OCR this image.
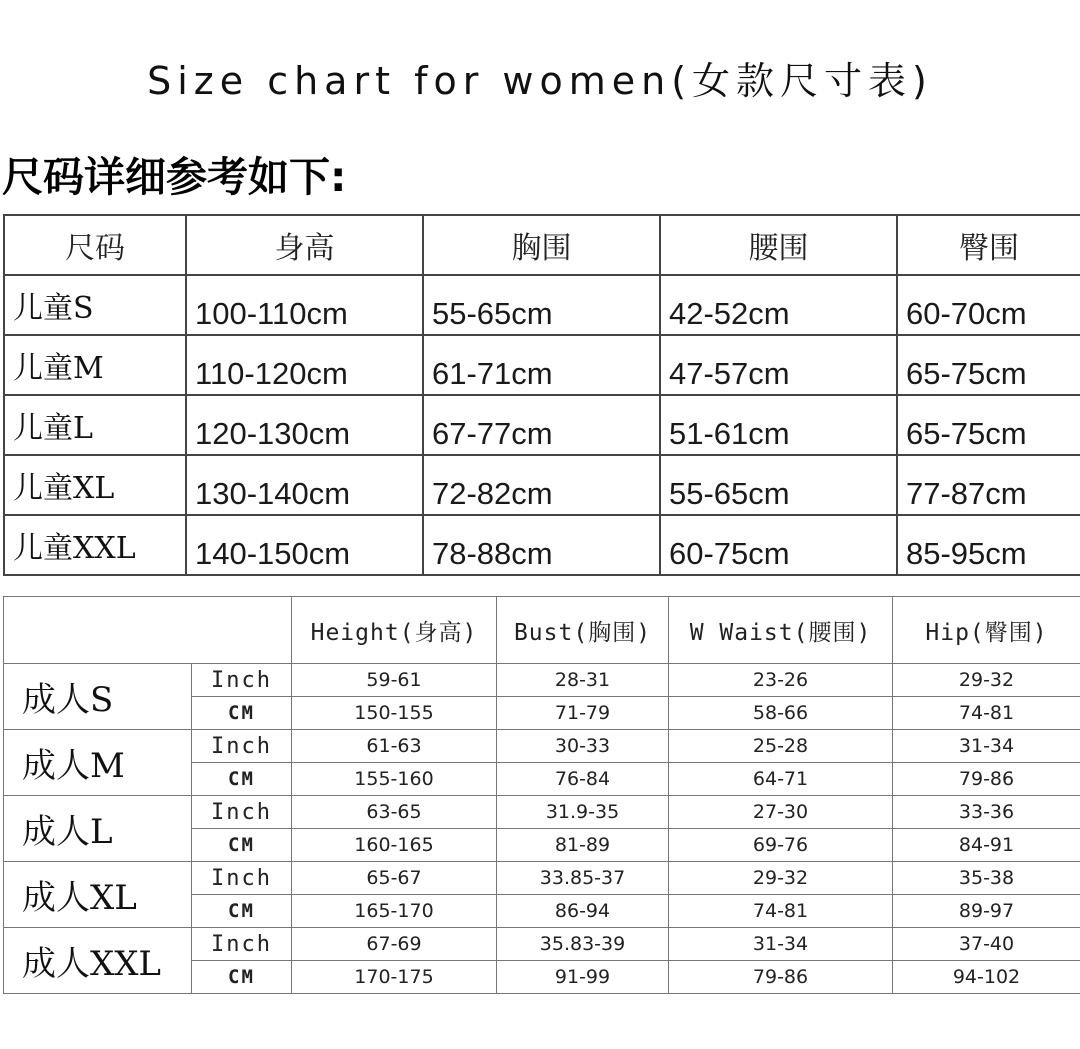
Size chart for women(女款尺寸表)
尺码详细参考如下:
尺码	身高	胸围	腰围	臀围
儿童S	100-110cm	55-65cm	42-52cm	60-70cm
儿童M	110-120cm	61-71cm	47-57cm	65-75cm
儿童L	120-130cm	67-77cm	51-61cm	65-75cm
儿童XL	130-140cm	72-82cm	55-65cm	77-87cm
儿童XXL	140-150cm	78-88cm	60-75cm	85-95cm
		Height(身高)	Bust(胸围)	W Waist(腰围)	Hip(臀围)
成人S	Inch	59-61	28-31	23-26	29-32
	CM	150-155	71-79	58-66	74-81
成人M	Inch	61-63	30-33	25-28	31-34
	CM	155-160	76-84	64-71	79-86
成人L	Inch	63-65	31.9-35	27-30	33-36
	CM	160-165	81-89	69-76	84-91
成人XL	Inch	65-67	33.85-37	29-32	35-38
	CM	165-170	86-94	74-81	89-97
成人XXL	Inch	67-69	35.83-39	31-34	37-40
	CM	170-175	91-99	79-86	94-102
